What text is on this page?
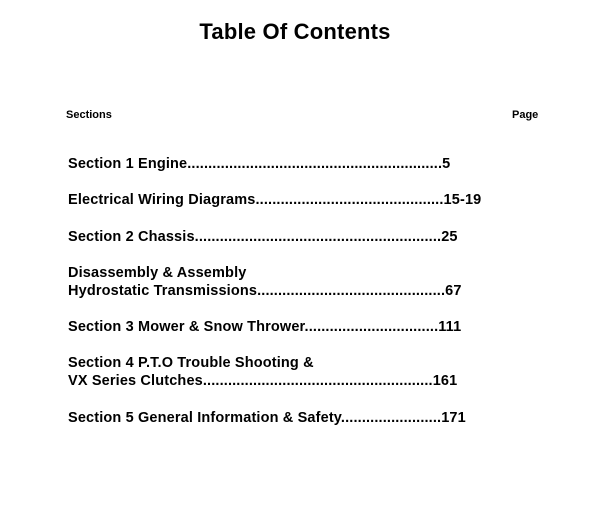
Table Of Contents
Sections	Page
Section 1 Engine.............................................................5
Electrical Wiring Diagrams.............................................15-19
Section 2 Chassis...........................................................25
Disassembly & Assembly
Hydrostatic Transmissions.............................................67
Section 3 Mower & Snow Thrower................................111
Section 4 P.T.O Trouble Shooting &
VX Series Clutches.......................................................161
Section 5 General Information & Safety........................171
